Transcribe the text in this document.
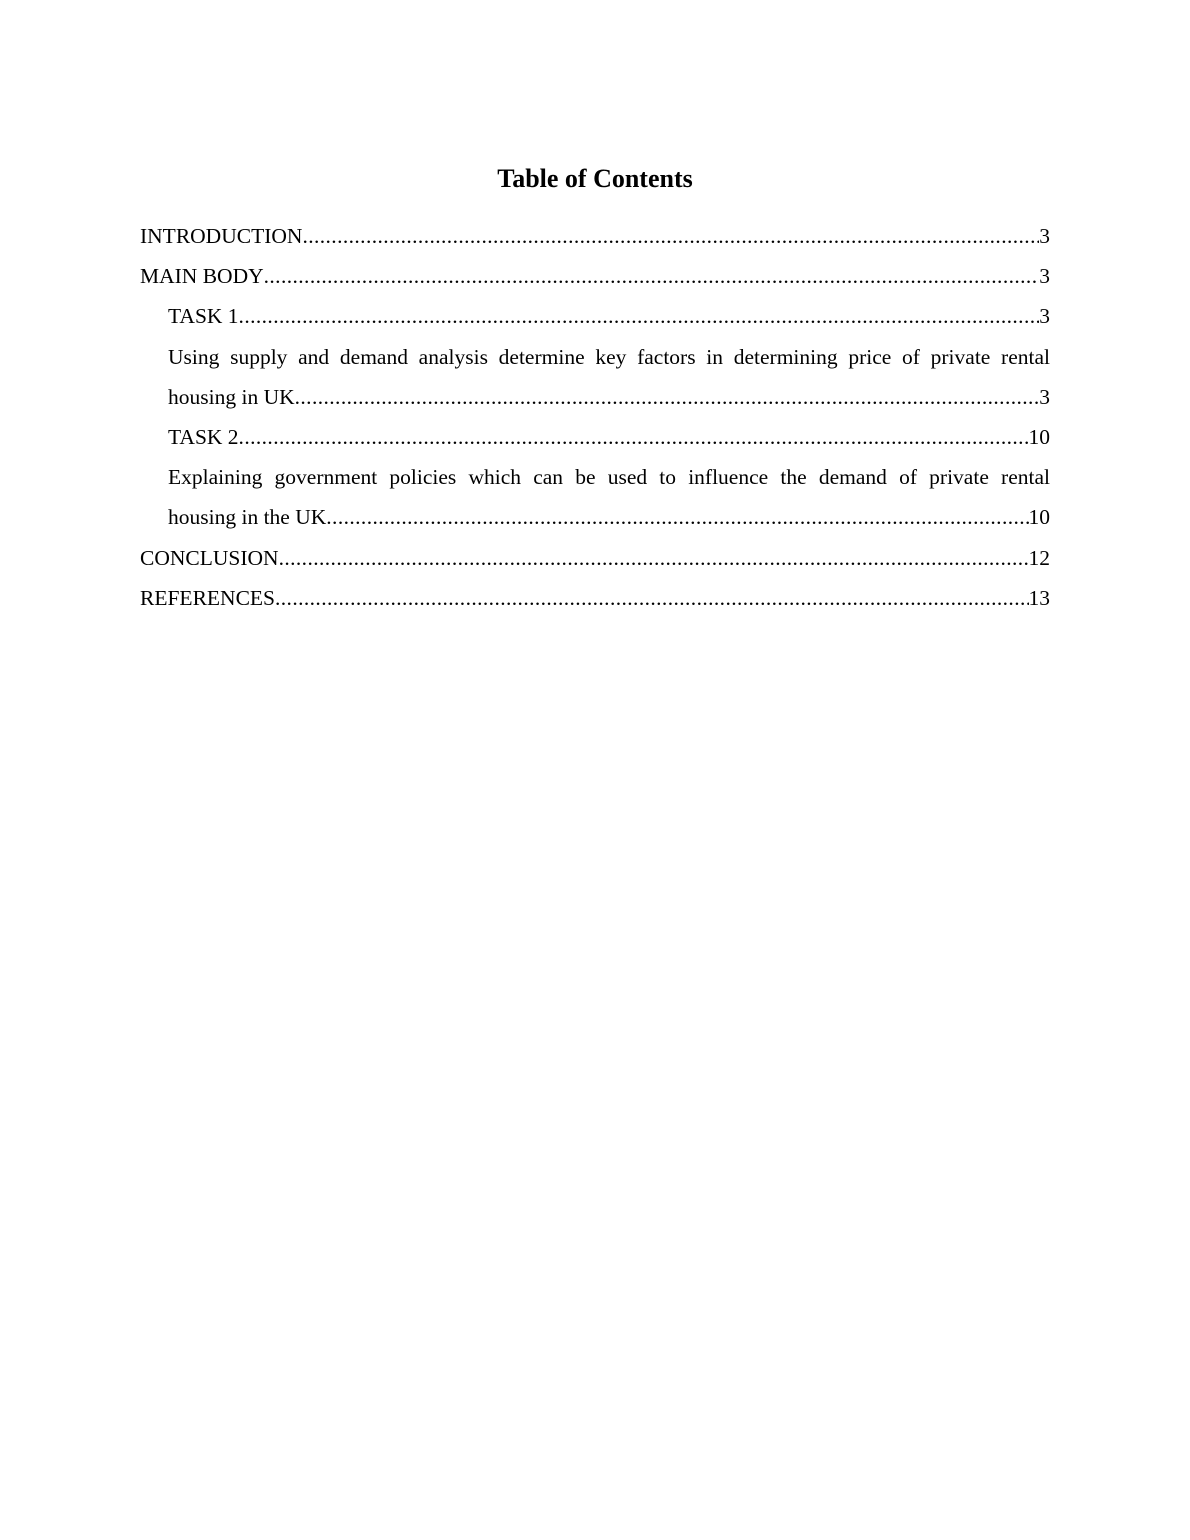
Table of Contents
INTRODUCTION .....	3
MAIN BODY .....	3
TASK 1 .....	3
Using supply and demand analysis determine key factors in determining price of private rental
housing in UK .....	3
TASK 2 .....	10
Explaining government policies which can be used to influence the demand of private rental
housing in the UK .....	10
CONCLUSION .....	12
REFERENCES .....	13
